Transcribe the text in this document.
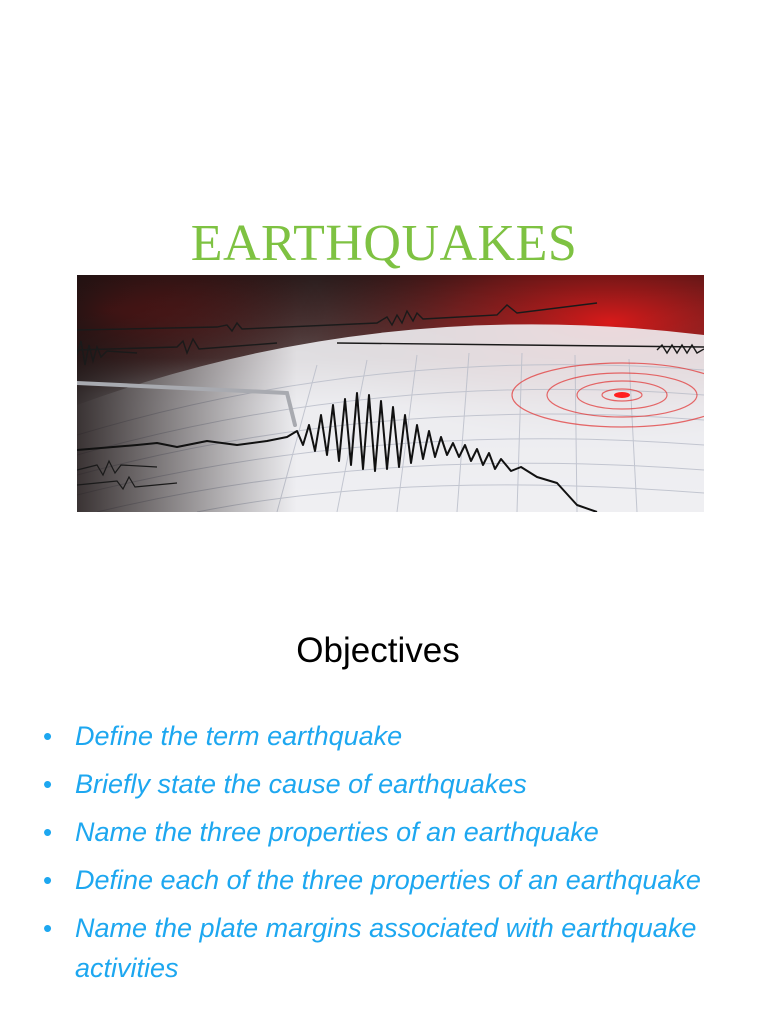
EARTHQUAKES
Objectives
• Define the term earthquake
• Briefly state the cause of earthquakes
• Name the three properties of an earthquake
• Define each of the three properties of an earthquake
• Name the plate margins associated with earthquake activities
